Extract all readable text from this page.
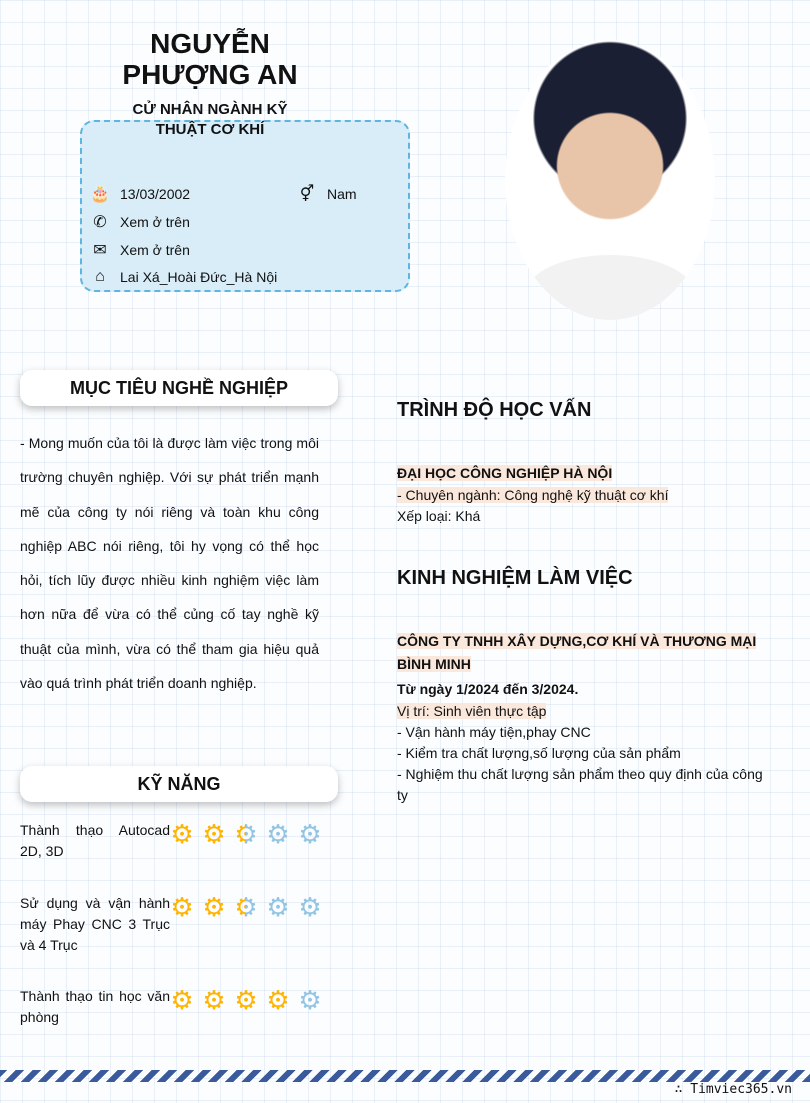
NGUYỄN PHƯỢNG AN
🎂 13/03/2002	⚥ Nam
✆ Xem ở trên
✉ Xem ở trên
⌂	Lai Xá_Hoài Đức_Hà Nội
CỬ NHÂN NGÀNH KỸ THUẬT CƠ KHÍ
MỤC TIÊU NGHỀ NGHIỆP
- Mong muốn của tôi là được làm việc trong môi trường chuyên nghiệp. Với sự phát triển mạnh mẽ của công ty nói riêng và toàn khu công nghiệp ABC nói riêng, tôi hy vọng có thể học hỏi, tích lũy được nhiều kinh nghiệm việc làm hơn nữa để vừa có thể củng cố tay nghề kỹ thuật của mình, vừa có thể tham gia hiệu quả vào quá trình phát triển doanh nghiệp.
KỸ NĂNG
Thành thạo Autocad 2D, 3D
⚙ ⚙ ⚙ ⚙ ⚙
Sử dụng và vận hành máy Phay CNC 3 Trục và 4 Trục
⚙ ⚙ ⚙ ⚙ ⚙
Thành thạo tin học văn phòng
⚙ ⚙ ⚙ ⚙ ⚙
TRÌNH ĐỘ HỌC VẤN
ĐẠI HỌC CÔNG NGHIỆP HÀ NỘI
- Chuyên ngành: Công nghệ kỹ thuật cơ khí
Xếp loại: Khá
KINH NGHIỆM LÀM VIỆC
CÔNG TY TNHH XÂY DỰNG,CƠ KHÍ VÀ THƯƠNG MẠI BÌNH MINH
Từ ngày 1/2024 đến 3/2024.
Vị trí: Sinh viên thực tập
- Vận hành máy tiện,phay CNC
- Kiểm tra chất lượng,số lượng của sản phẩm
- Nghiệm thu chất lượng sản phẩm theo quy định của công ty
∴ Timviec365.vn
